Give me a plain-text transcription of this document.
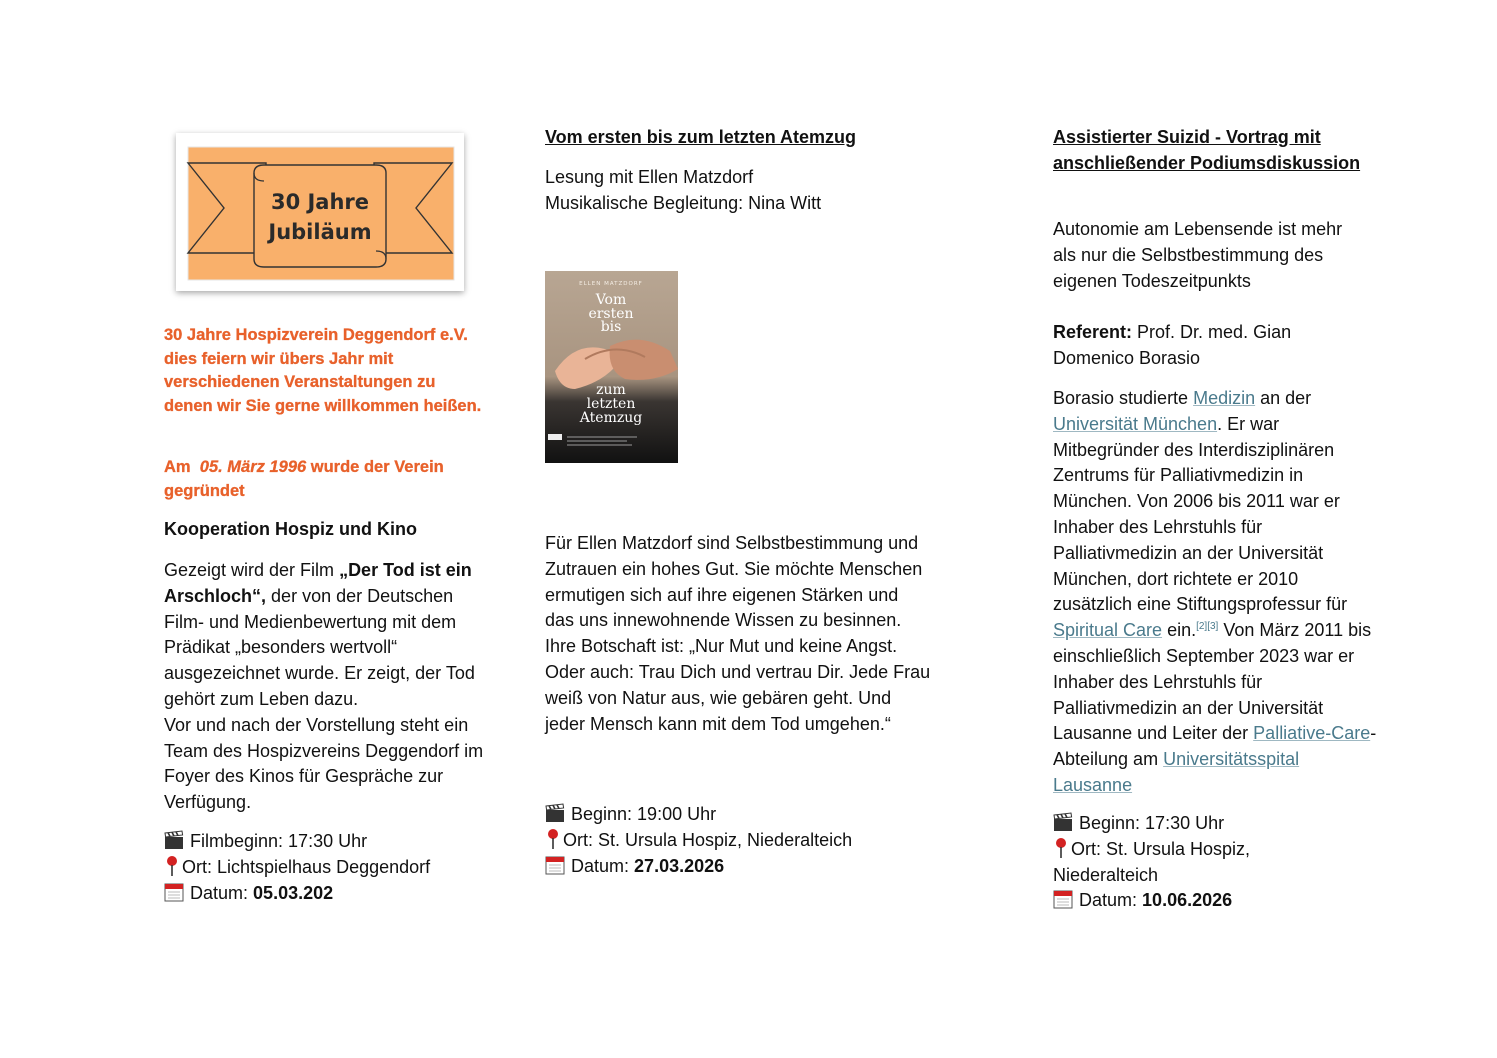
30 Jahre
Jubiläum

30 Jahre Hospizverein Deggendorf e.V. dies feiern wir übers Jahr mit verschiedenen Veranstaltungen zu denen wir Sie gerne willkommen heißen.

Am 05. März 1996 wurde der Verein gegründet

Kooperation Hospiz und Kino

Gezeigt wird der Film „Der Tod ist ein Arschloch“, der von der Deutschen Film- und Medienbewertung mit dem Prädikat „besonders wertvoll“ ausgezeichnet wurde. Er zeigt, der Tod gehört zum Leben dazu.
Vor und nach der Vorstellung steht ein Team des Hospizvereins Deggendorf im Foyer des Kinos für Gespräche zur Verfügung.
Filmbeginn: 17:30 Uhr
Ort: Lichtspielhaus Deggendorf
Datum: 05.03.202

Vom ersten bis zum letzten Atemzug

Lesung mit Ellen Matzdorf

Musikalische Begleitung: Nina Witt

ELLEN MATZDORF
Vom
ersten
bis
zum
letzten
Atemzug

Für Ellen Matzdorf sind Selbstbestimmung und Zutrauen ein hohes Gut. Sie möchte Menschen ermutigen sich auf ihre eigenen Stärken und das uns innewohnende Wissen zu besinnen. Ihre Botschaft ist: „Nur Mut und keine Angst. Oder auch: Trau Dich und vertrau Dir. Jede Frau weiß von Natur aus, wie gebären geht. Und jeder Mensch kann mit dem Tod umgehen.“

Beginn: 19:00 Uhr
Ort: St. Ursula Hospiz, Niederalteich
Datum: 27.03.2026

Assistierter Suizid - Vortrag mit anschließender Podiumsdiskussion

Autonomie am Lebensende ist mehr als nur die Selbstbestimmung des eigenen Todeszeitpunkts

Referent: Prof. Dr. med. Gian Domenico Borasio

Borasio studierte Medizin an der Universität München. Er war Mitbegründer des Interdisziplinären Zentrums für Palliativmedizin in München. Von 2006 bis 2011 war er Inhaber des Lehrstuhls für Palliativmedizin an der Universität München, dort richtete er 2010 zusätzlich eine Stiftungsprofessur für Spiritual Care ein.[2][3] Von März 2011 bis einschließlich September 2023 war er Inhaber des Lehrstuhls für Palliativmedizin an der Universität Lausanne und Leiter der Palliative-Care-Abteilung am Universitätsspital Lausanne

Beginn: 17:30 Uhr
Ort: St. Ursula Hospiz, Niederalteich
Datum: 10.06.2026
